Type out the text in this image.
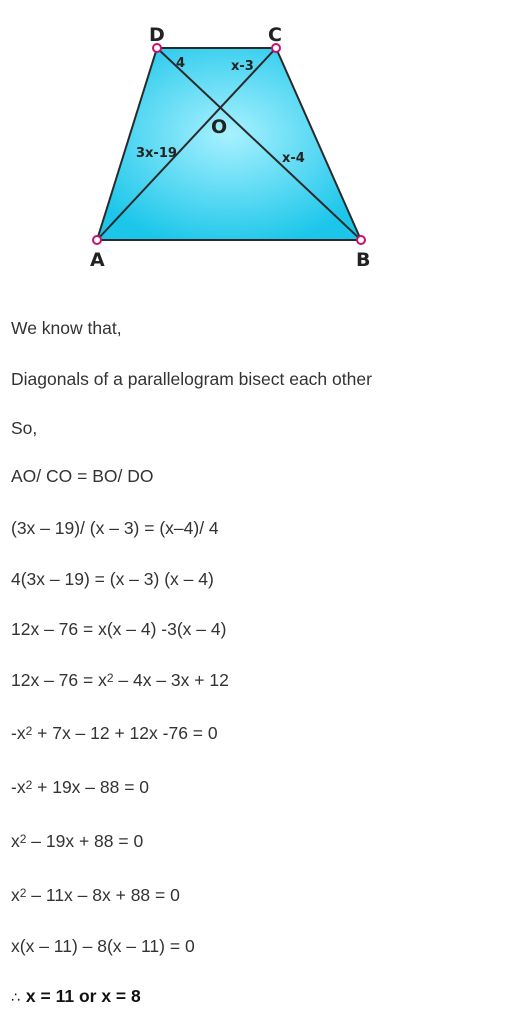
D	C
A	B
O
4	x-3
3x-19	x-4
We know that,
Diagonals of a parallelogram bisect each other
So,
AO/ CO = BO/ DO
(3x – 19)/ (x – 3) = (x–4)/ 4
4(3x – 19) = (x – 3) (x – 4)
12x – 76 = x(x – 4) -3(x – 4)
$12x - 76 = x^2 - 4x - 3x + 12$
$-x^2 + 7x - 12 + 12x$ -76 = 0
$-x^2 + 19x - 88 = 0$
$x^2 - 19x + 88 = 0$
$x^2 - 11x - 8x + 88 = 0$
x(x – 11) – 8(x – 11) = 0
∴ x = 11 or x = 8
